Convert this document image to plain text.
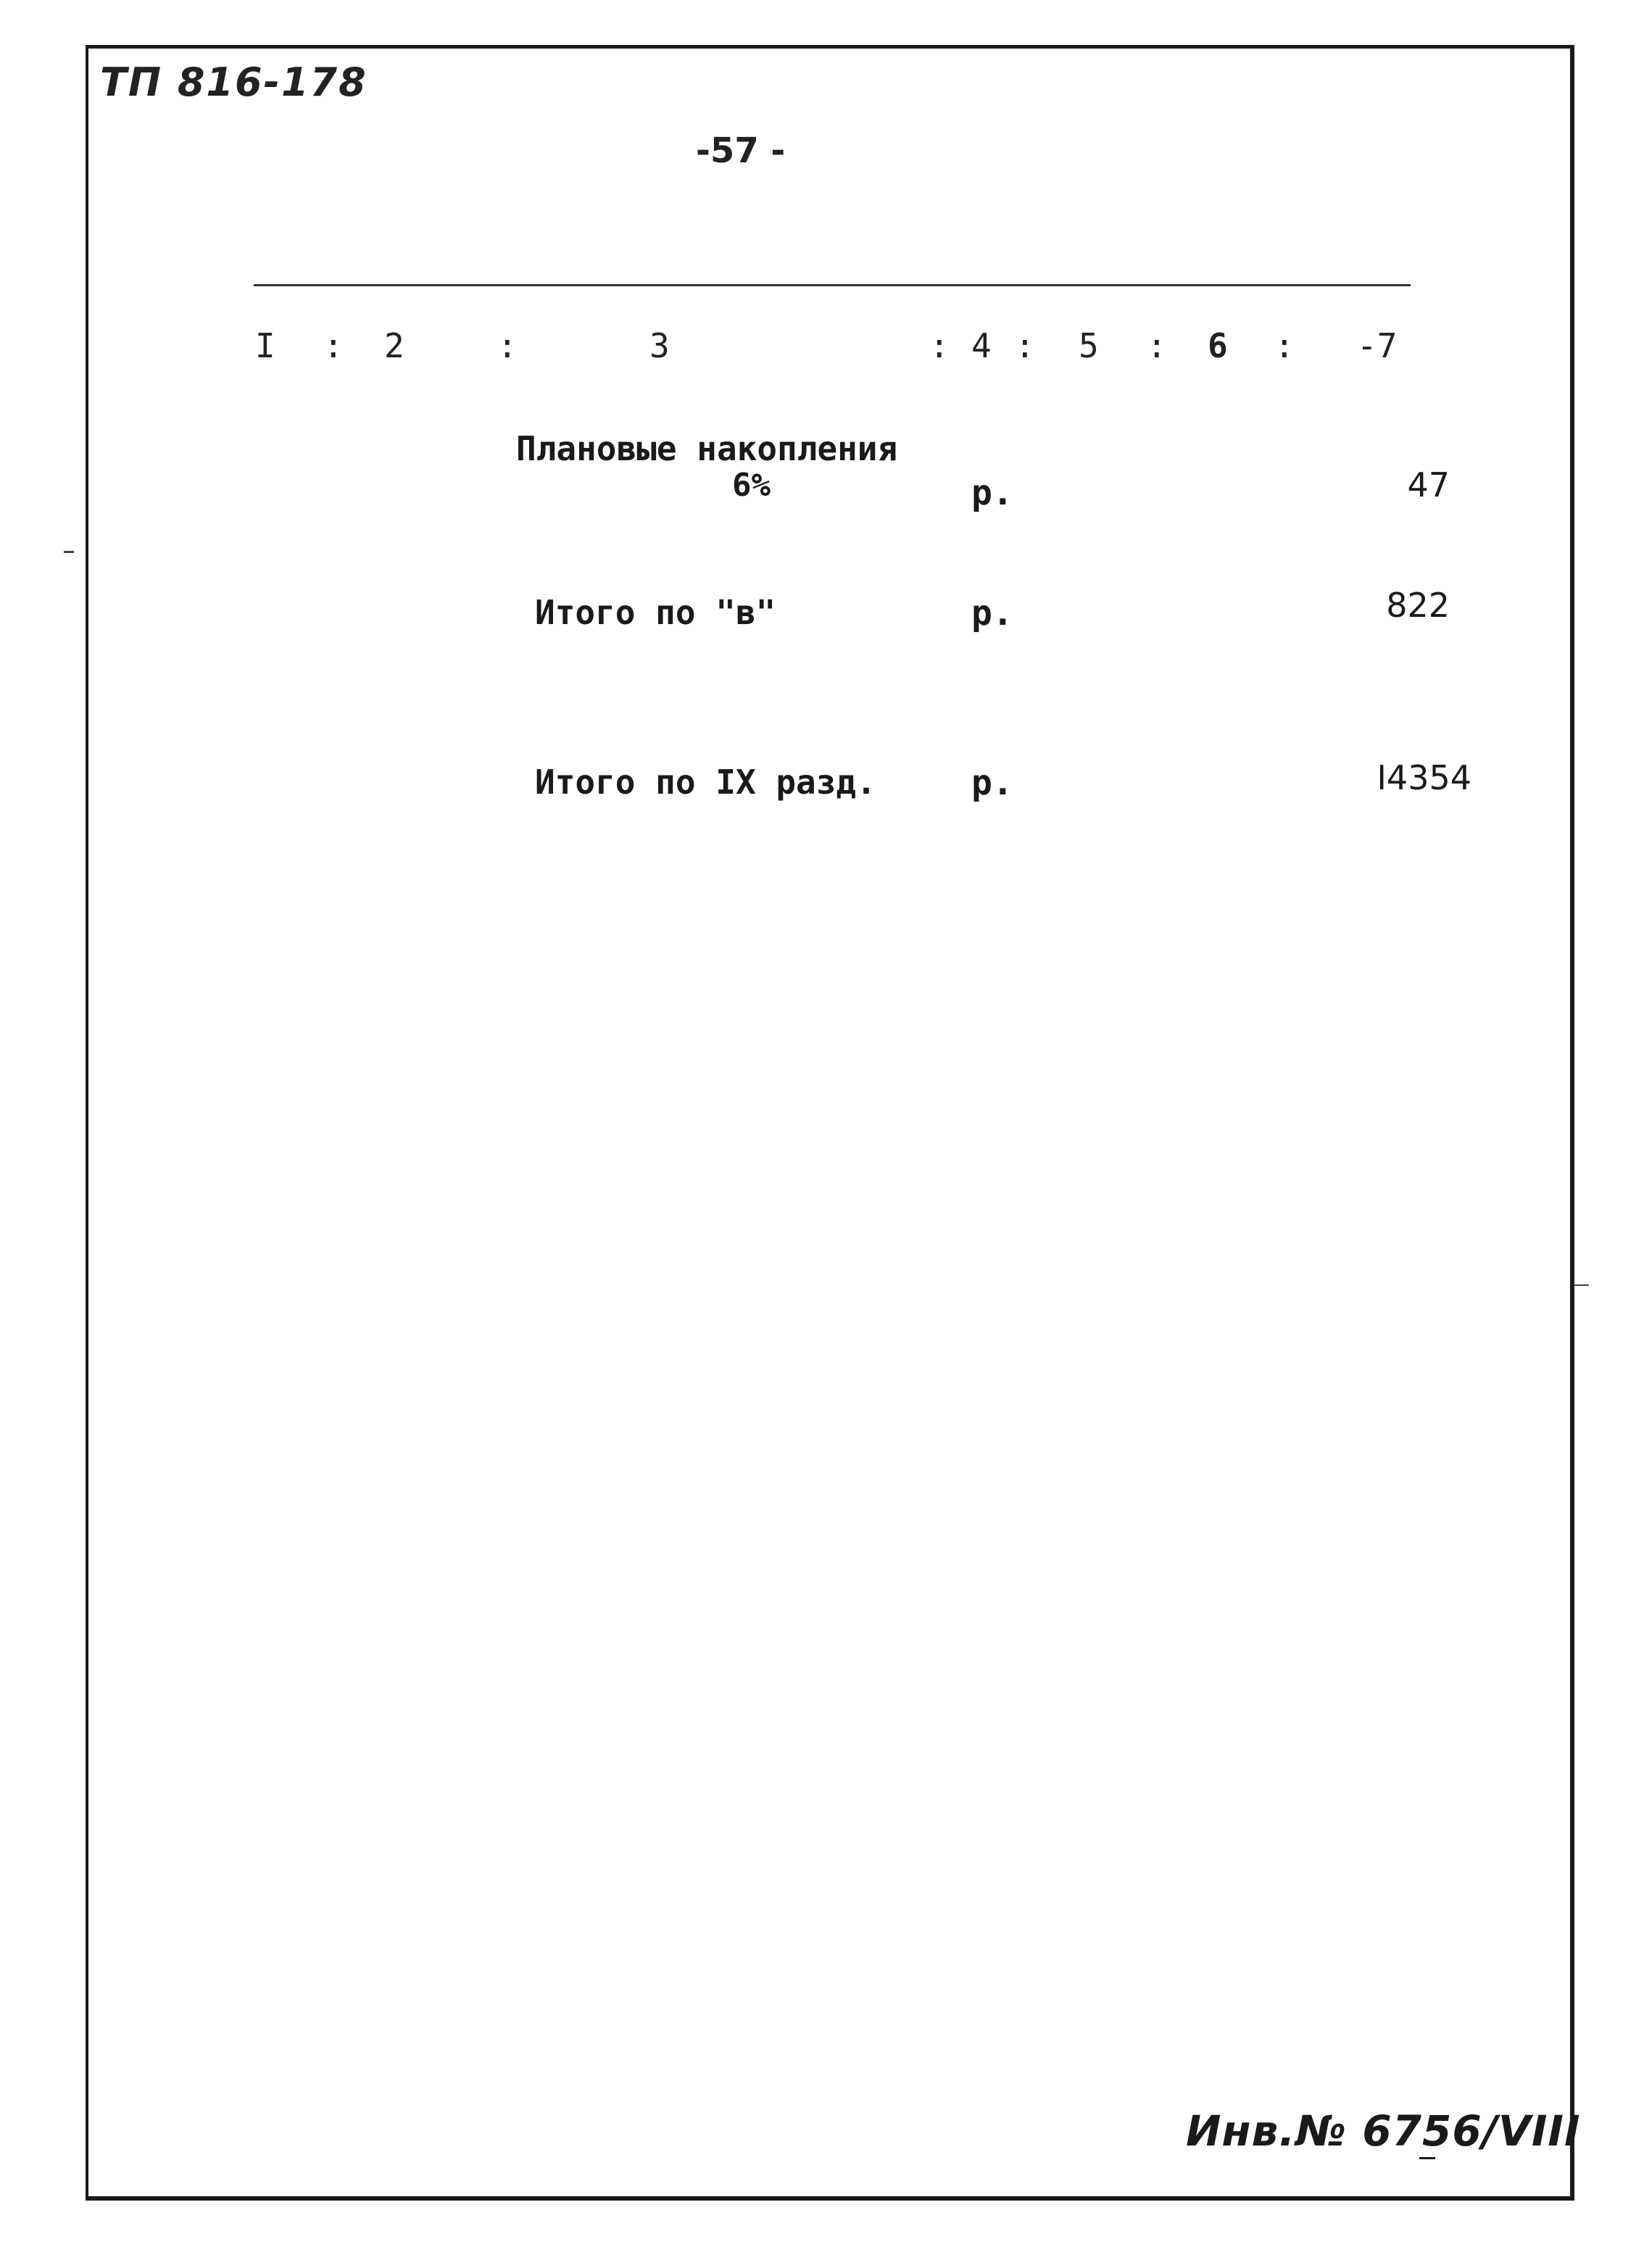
ТП 816-178
-57 -
I : 2	:	3	: 4 : 5 : 6 : -7
Плановые накопления
6%	р.	47
Итого по "в"	р.	822
Итого по IX разд.	р.	I4354
Инв.№ 6756/VIII
